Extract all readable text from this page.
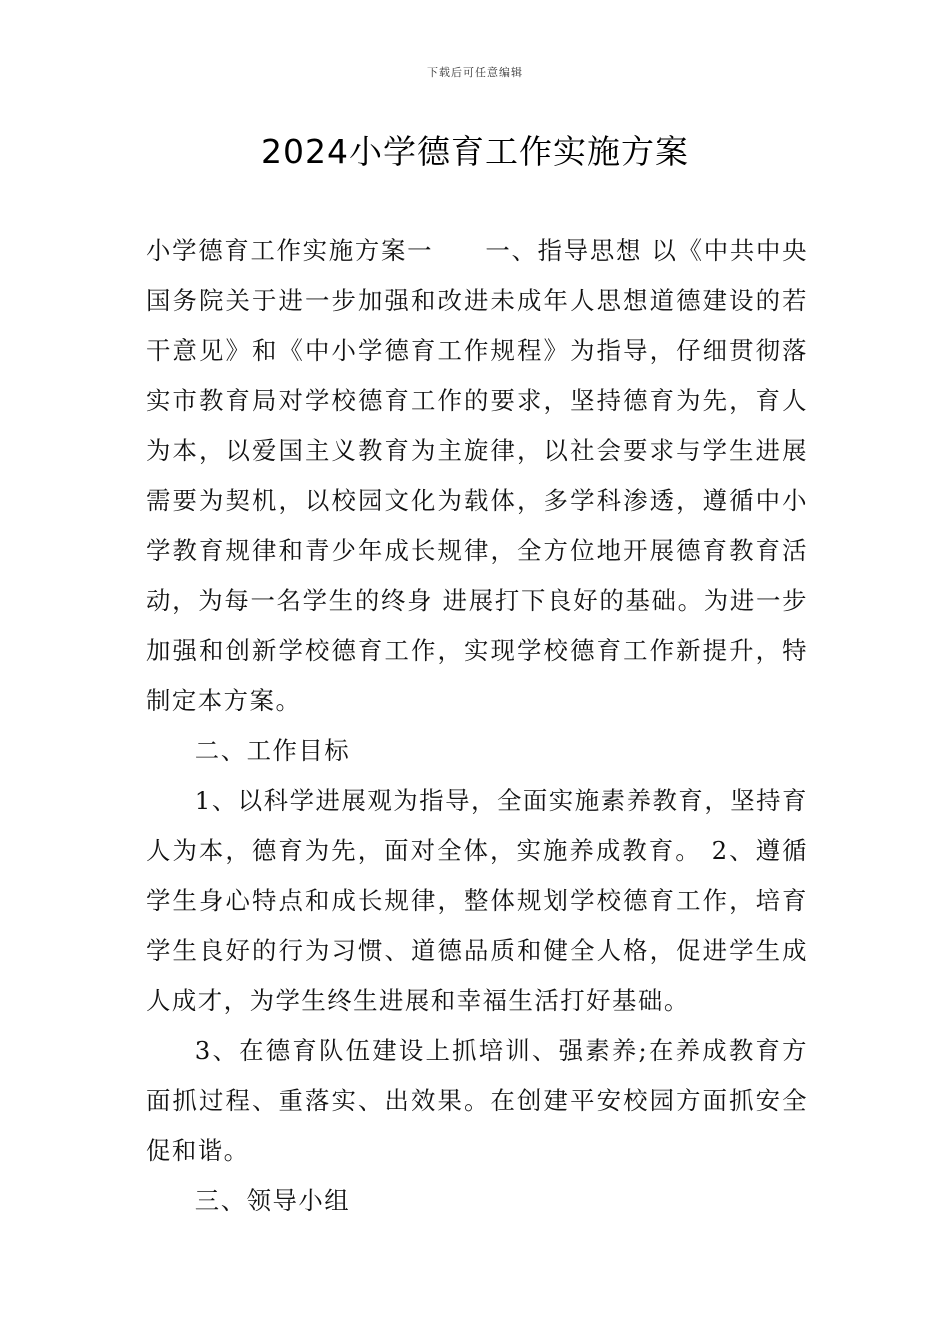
下载后可任意编辑
2024小学德育工作实施方案

小学德育工作实施方案一　　一、指导思想 以《中共中央国务院关于进一步加强和改进未成年人思想道德建设的若干意见》和《中小学德育工作规程》为指导，仔细贯彻落实市教育局对学校德育工作的要求，坚持德育为先，育人为本，以爱国主义教育为主旋律，以社会要求与学生进展需要为契机，以校园文化为载体，多学科渗透，遵循中小学教育规律和青少年成长规律，全方位地开展德育教育活动，为每一名学生的终身 进展打下良好的基础。为进一步加强和创新学校德育工作，实现学校德育工作新提升，特制定本方案。

二、工作目标

1、以科学进展观为指导，全面实施素养教育，坚持育人为本，德育为先，面对全体，实施养成教育。 2、遵循学生身心特点和成长规律，整体规划学校德育工作，培育学生良好的行为习惯、道德品质和健全人格，促进学生成人成才，为学生终生进展和幸福生活打好基础。

3、在德育队伍建设上抓培训、强素养;在养成教育方面抓过程、重落实、出效果。在创建平安校园方面抓安全促和谐。

三、领导小组
